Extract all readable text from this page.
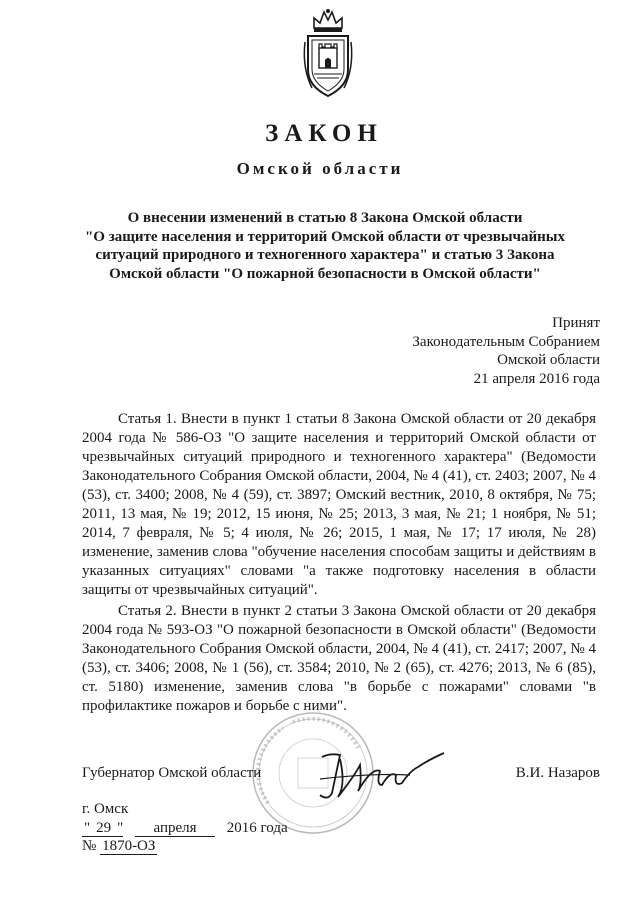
ЗАКОН
Омской области
О внесении изменений в статью 8 Закона Омской области
"О защите населения и территорий Омской области от чрезвычайных
ситуаций природного и техногенного характера" и статью 3 Закона
Омской области "О пожарной безопасности в Омской области"
Принят
Законодательным Собранием
Омской области
21 апреля 2016 года
Статья 1. Внести в пункт 1 статьи 8 Закона Омской области от 20 декабря 2004 года № 586-ОЗ "О защите населения и территорий Омской области от чрезвычайных ситуаций природного и техногенного характера" (Ведомости Законодательного Собрания Омской области, 2004, № 4 (41), ст. 2403; 2007, № 4 (53), ст. 3400; 2008, № 4 (59), ст. 3897; Омский вестник, 2010, 8 октября, № 75; 2011, 13 мая, № 19; 2012, 15 июня, № 25; 2013, 3 мая, № 21; 1 ноября, № 51; 2014, 7 февраля, № 5; 4 июля, № 26; 2015, 1 мая, № 17; 17 июля, № 28) изменение, заменив слова "обучение населения способам защиты и действиям в указанных ситуациях" словами "а также подготовку населения в области защиты от чрезвычайных ситуаций".
Статья 2. Внести в пункт 2 статьи 3 Закона Омской области от 20 декабря 2004 года № 593-ОЗ "О пожарной безопасности в Омской области" (Ведомости Законодательного Собрания Омской области, 2004, № 4 (41), ст. 2417; 2007, № 4 (53), ст. 3406; 2008, № 1 (56), ст. 3584; 2010, № 2 (65), ст. 4276; 2013, № 6 (85), ст. 5180) изменение, заменив слова "в борьбе с пожарами" словами "в профилактике пожаров и борьбе с ними".
Губернатор Омской области	В.И. Назаров
г. Омск
" 29 " апреля 2016 года
№ 1870-ОЗ
